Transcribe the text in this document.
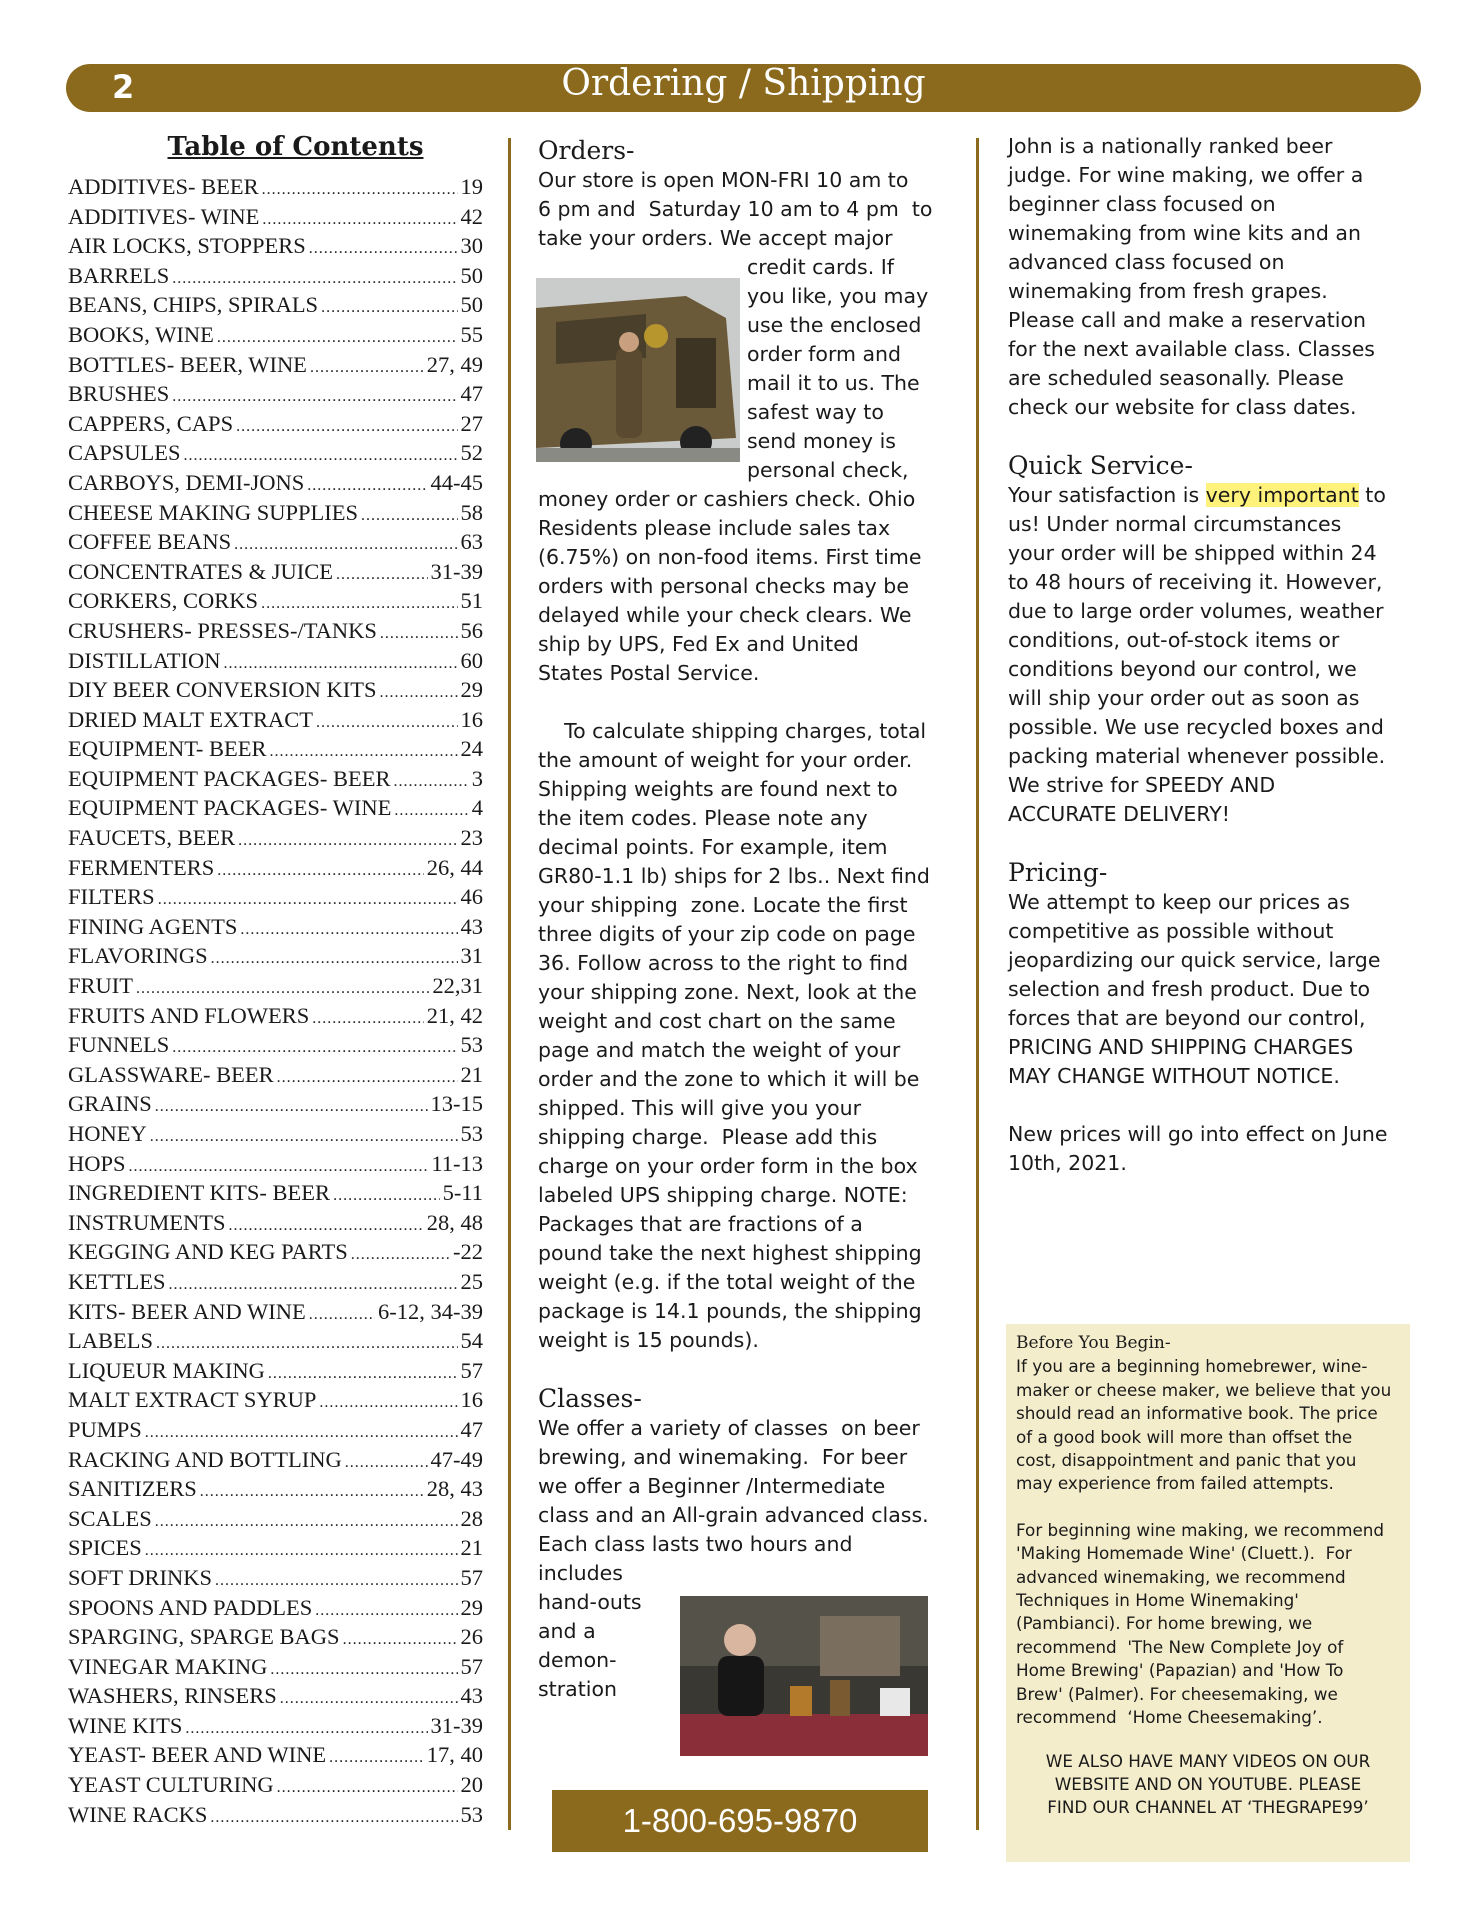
2	Ordering / Shipping
Table of Contents
ADDITIVES- BEER .....	19
ADDITIVES- WINE .....	42
AIR LOCKS, STOPPERS .....	30
BARRELS .....	50
BEANS, CHIPS, SPIRALS .....	50
BOOKS, WINE .....	55
BOTTLES- BEER, WINE .....	27, 49
BRUSHES .....	47
CAPPERS, CAPS .....	27
CAPSULES .....	52
CARBOYS, DEMI-JONS .....	44-45
CHEESE MAKING SUPPLIES .....	58
COFFEE BEANS .....	63
CONCENTRATES & JUICE .....	31-39
CORKERS, CORKS .....	51
CRUSHERS- PRESSES-/TANKS .....	56
DISTILLATION .....	60
DIY BEER CONVERSION KITS .....	29
DRIED MALT EXTRACT .....	16
EQUIPMENT- BEER .....	24
EQUIPMENT PACKAGES- BEER .....	3
EQUIPMENT PACKAGES- WINE .....	4
FAUCETS, BEER .....	23
FERMENTERS .....	26, 44
FILTERS .....	46
FINING AGENTS .....	43
FLAVORINGS .....	31
FRUIT .....	22,31
FRUITS AND FLOWERS .....	21, 42
FUNNELS .....	53
GLASSWARE- BEER .....	21
GRAINS .....	13-15
HONEY .....	53
HOPS .....	11-13
INGREDIENT KITS- BEER .....	5-11
INSTRUMENTS .....	28, 48
KEGGING AND KEG PARTS .....	-22
KETTLES .....	25
KITS- BEER AND WINE .....	6-12, 34-39
LABELS .....	54
LIQUEUR MAKING .....	57
MALT EXTRACT SYRUP .....	16
PUMPS .....	47
RACKING AND BOTTLING .....	47-49
SANITIZERS .....	28, 43
SCALES .....	28
SPICES .....	21
SOFT DRINKS .....	57
SPOONS AND PADDLES .....	29
SPARGING, SPARGE BAGS .....	26
VINEGAR MAKING .....	57
WASHERS, RINSERS .....	43
WINE KITS .....	31-39
YEAST- BEER AND WINE .....	17, 40
YEAST CULTURING .....	20
WINE RACKS .....	53
Orders-
Our store is open MON-FRI 10 am to
6 pm and  Saturday 10 am to 4 pm  to
take your orders. We accept major
credit cards. If
you like, you may
use the enclosed
order form and
mail it to us. The
safest way to
send money is
personal check,
money order or cashiers check. Ohio
Residents please include sales tax
(6.75%) on non-food items. First time
orders with personal checks may be
delayed while your check clears. We
ship by UPS, Fed Ex and United
States Postal Service.
To calculate shipping charges, total
the amount of weight for your order.
Shipping weights are found next to
the item codes. Please note any
decimal points. For example, item
GR80-1.1 lb) ships for 2 lbs.. Next find
your shipping  zone. Locate the first
three digits of your zip code on page
36. Follow across to the right to find
your shipping zone. Next, look at the
weight and cost chart on the same
page and match the weight of your
order and the zone to which it will be
shipped. This will give you your
shipping charge.  Please add this
charge on your order form in the box
labeled UPS shipping charge. NOTE:
Packages that are fractions of a
pound take the next highest shipping
weight (e.g. if the total weight of the
package is 14.1 pounds, the shipping
weight is 15 pounds).
Classes-
We offer a variety of classes  on beer
brewing, and winemaking.  For beer
we offer a Beginner /Intermediate
class and an All-grain advanced class.
Each class lasts two hours and
includes
hand-outs
and a
demon-
stration
1-800-695-9870
John is a nationally ranked beer
judge. For wine making, we offer a
beginner class focused on
winemaking from wine kits and an
advanced class focused on
winemaking from fresh grapes.
Please call and make a reservation
for the next available class. Classes
are scheduled seasonally. Please
check our website for class dates.
Quick Service-
Your satisfaction is very important to
us! Under normal circumstances
your order will be shipped within 24
to 48 hours of receiving it. However,
due to large order volumes, weather
conditions, out-of-stock items or
conditions beyond our control, we
will ship your order out as soon as
possible. We use recycled boxes and
packing material whenever possible.
We strive for SPEEDY AND
ACCURATE DELIVERY!
Pricing-
We attempt to keep our prices as
competitive as possible without
jeopardizing our quick service, large
selection and fresh product. Due to
forces that are beyond our control,
PRICING AND SHIPPING CHARGES
MAY CHANGE WITHOUT NOTICE.
New prices will go into effect on June
10th, 2021.
Before You Begin-
If you are a beginning homebrewer, wine-
maker or cheese maker, we believe that you
should read an informative book. The price
of a good book will more than offset the
cost, disappointment and panic that you
may experience from failed attempts.
For beginning wine making, we recommend
'Making Homemade Wine' (Cluett.).  For
advanced winemaking, we recommend
Techniques in Home Winemaking'
(Pambianci). For home brewing, we
recommend  'The New Complete Joy of
Home Brewing' (Papazian) and 'How To
Brew' (Palmer). For cheesemaking, we
recommend  ‘Home Cheesemaking’.
WE ALSO HAVE MANY VIDEOS ON OUR
WEBSITE AND ON YOUTUBE. PLEASE
FIND OUR CHANNEL AT ‘THEGRAPE99’
